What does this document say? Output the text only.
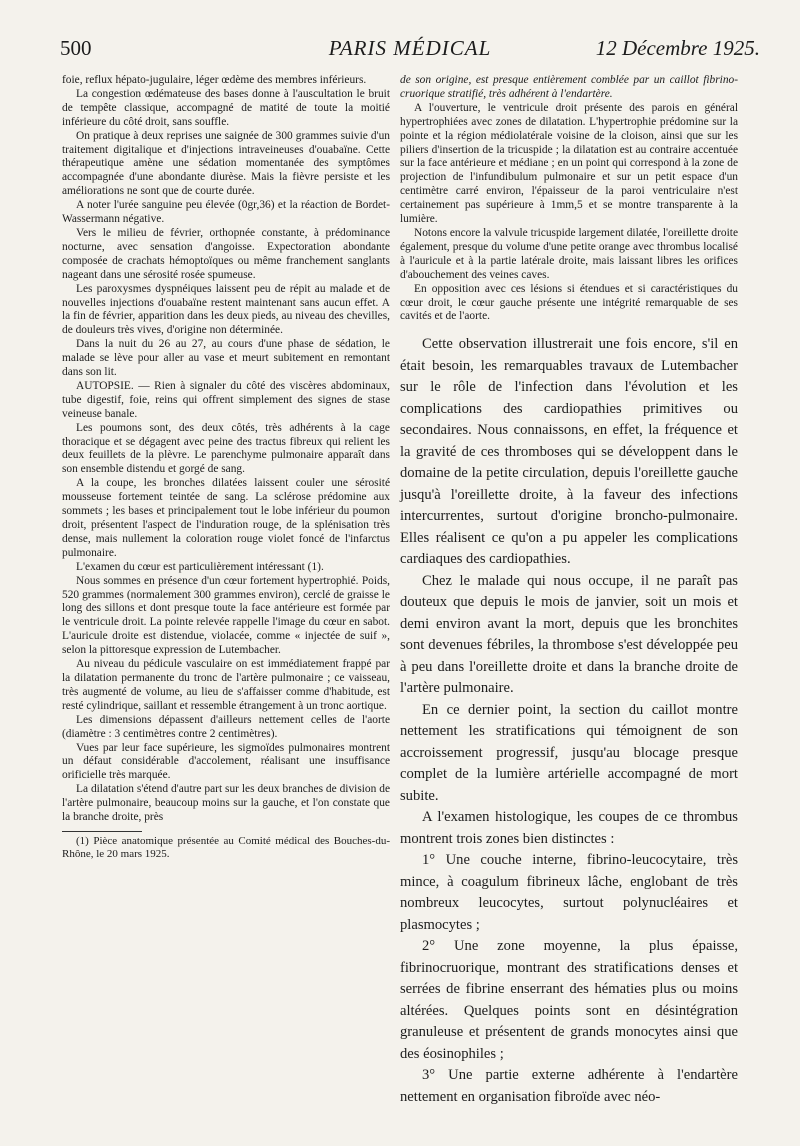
500	PARIS MÉDICAL	12 Décembre 1925.

foie, reflux hépato-jugulaire, léger œdème des membres inférieurs.

La congestion œdémateuse des bases donne à l'auscultation le bruit de tempête classique, accompagné de matité de toute la moitié inférieure du côté droit, sans souffle.

On pratique à deux reprises une saignée de 300 grammes suivie d'un traitement digitalique et d'injections intraveineuses d'ouabaïne. Cette thérapeutique amène une sédation momentanée des symptômes accompagnée d'une abondante diurèse. Mais la fièvre persiste et les améliorations ne sont que de courte durée.

A noter l'urée sanguine peu élevée (0gr,36) et la réaction de Bordet-Wassermann négative.

Vers le milieu de février, orthopnée constante, à prédominance nocturne, avec sensation d'angoisse. Expectoration abondante composée de crachats hémoptoïques ou même franchement sanglants nageant dans une sérosité rosée spumeuse.

Les paroxysmes dyspnéiques laissent peu de répit au malade et de nouvelles injections d'ouabaïne restent maintenant sans aucun effet. A la fin de février, apparition dans les deux pieds, au niveau des chevilles, de douleurs très vives, d'origine non déterminée.

Dans la nuit du 26 au 27, au cours d'une phase de sédation, le malade se lève pour aller au vase et meurt subitement en remontant dans son lit.

AUTOPSIE. — Rien à signaler du côté des viscères abdominaux, tube digestif, foie, reins qui offrent simplement des signes de stase veineuse banale.

Les poumons sont, des deux côtés, très adhérents à la cage thoracique et se dégagent avec peine des tractus fibreux qui relient les deux feuillets de la plèvre. Le parenchyme pulmonaire apparaît dans son ensemble distendu et gorgé de sang.

A la coupe, les bronches dilatées laissent couler une sérosité mousseuse fortement teintée de sang. La sclérose prédomine aux sommets ; les bases et principalement tout le lobe inférieur du poumon droit, présentent l'aspect de l'induration rouge, de la splénisation très dense, mais nullement la coloration rouge violet foncé de l'infarctus pulmonaire.

L'examen du cœur est particulièrement intéressant (1).

Nous sommes en présence d'un cœur fortement hypertrophié. Poids, 520 grammes (normalement 300 grammes environ), cerclé de graisse le long des sillons et dont presque toute la face antérieure est formée par le ventricule droit. La pointe relevée rappelle l'image du cœur en sabot. L'auricule droite est distendue, violacée, comme « injectée de suif », selon la pittoresque expression de Lutembacher.

Au niveau du pédicule vasculaire on est immédiatement frappé par la dilatation permanente du tronc de l'artère pulmonaire ; ce vaisseau, très augmenté de volume, au lieu de s'affaisser comme d'habitude, est resté cylindrique, saillant et ressemble étrangement à un tronc aortique.

Les dimensions dépassent d'ailleurs nettement celles de l'aorte (diamètre : 3 centimètres contre 2 centimètres).

Vues par leur face supérieure, les sigmoïdes pulmonaires montrent un défaut considérable d'accolement, réalisant une insuffisance orificielle très marquée.

La dilatation s'étend d'autre part sur les deux branches de division de l'artère pulmonaire, beaucoup moins sur la gauche, et l'on constate que la branche droite, près

(1) Pièce anatomique présentée au Comité médical des Bouches-du-Rhône, le 20 mars 1925.

de son origine, est presque entièrement comblée par un caillot fibrino-cruorique stratifié, très adhérent à l'endartère.

A l'ouverture, le ventricule droit présente des parois en général hypertrophiées avec zones de dilatation. L'hypertrophie prédomine sur la pointe et la région médiolatérale voisine de la cloison, ainsi que sur les piliers d'insertion de la tricuspide ; la dilatation est au contraire accentuée sur la face antérieure et médiane ; en un point qui correspond à la zone de projection de l'infundibulum pulmonaire et sur un petit espace d'un centimètre carré environ, l'épaisseur de la paroi ventriculaire n'est certainement pas supérieure à 1mm,5 et se montre transparente à la lumière.

Notons encore la valvule tricuspide largement dilatée, l'oreillette droite également, presque du volume d'une petite orange avec thrombus localisé à l'auricule et à la partie latérale droite, mais laissant libres les orifices d'abouchement des veines caves.

En opposition avec ces lésions si étendues et si caractéristiques du cœur droit, le cœur gauche présente une intégrité remarquable de ses cavités et de l'aorte.

Cette observation illustrerait une fois encore, s'il en était besoin, les remarquables travaux de Lutembacher sur le rôle de l'infection dans l'évolution et les complications des cardiopathies primitives ou secondaires. Nous connaissons, en effet, la fréquence et la gravité de ces thromboses qui se développent dans le domaine de la petite circulation, depuis l'oreillette gauche jusqu'à l'oreillette droite, à la faveur des infections intercurrentes, surtout d'origine broncho-pulmonaire. Elles réalisent ce qu'on a pu appeler les complications cardiaques des cardiopathies.

Chez le malade qui nous occupe, il ne paraît pas douteux que depuis le mois de janvier, soit un mois et demi environ avant la mort, depuis que les bronchites sont devenues fébriles, la thrombose s'est développée peu à peu dans l'oreillette droite et dans la branche droite de l'artère pulmonaire.

En ce dernier point, la section du caillot montre nettement les stratifications qui témoignent de son accroissement progressif, jusqu'au blocage presque complet de la lumière artérielle accompagné de mort subite.

A l'examen histologique, les coupes de ce thrombus montrent trois zones bien distinctes :

1° Une couche interne, fibrino-leucocytaire, très mince, à coagulum fibrineux lâche, englobant de très nombreux leucocytes, surtout polynucléaires et plasmocytes ;

2° Une zone moyenne, la plus épaisse, fibrinocruorique, montrant des stratifications denses et serrées de fibrine enserrant des hématies plus ou moins altérées. Quelques points sont en désintégration granuleuse et présentent de grands monocytes ainsi que des éosinophiles ;

3° Une partie externe adhérente à l'endartère nettement en organisation fibroïde avec néo-
